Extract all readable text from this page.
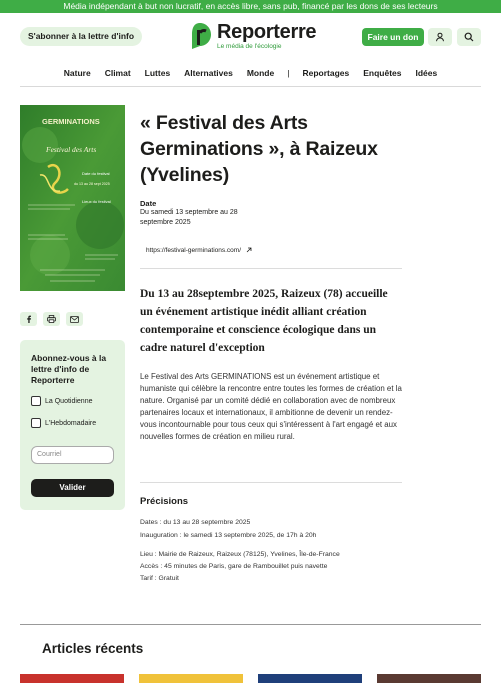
Média indépendant à but non lucratif, en accès libre, sans pub, financé par les dons de ses lecteurs
S'abonner à la lettre d'info	Reporterre
Le média de l'écologie
Faire un don
Nature	Climat	Luttes	Alternatives	Monde	|	Reportages	Enquêtes	Idées
GERMINATIONS
Festival des Arts
Date du festival
du 13 au 28 sept 2025
Lieux du festival
Abonnez-vous à la lettre d'info de Reporterre
La Quotidienne
L'Hebdomadaire
Courriel
Valider
« Festival des Arts Germinations », à Raizeux (Yvelines)
Date
Du samedi 13 septembre au 28 septembre 2025
https://festival-germinations.com/

Du 13 au 28septembre 2025, Raizeux (78) accueille un événement artistique inédit alliant création contemporaine et conscience écologique dans un cadre naturel d'exception

Le Festival des Arts GERMINATIONS est un événement artistique et humaniste qui célèbre la rencontre entre toutes les formes de création et la nature. Organisé par un comité dédié en collaboration avec de nombreux partenaires locaux et internationaux, il ambitionne de devenir un rendez-vous incontournable pour tous ceux qui s'intéressent à l'art engagé et aux nouvelles formes de création en milieu rural.

Précisions
Dates : du 13 au 28 septembre 2025
Inauguration : le samedi 13 septembre 2025, de 17h à 20h
Lieu : Mairie de Raizeux, Raizeux (78125), Yvelines, Île-de-France
Accès : 45 minutes de Paris, gare de Rambouillet puis navette
Tarif : Gratuit
Articles récents
